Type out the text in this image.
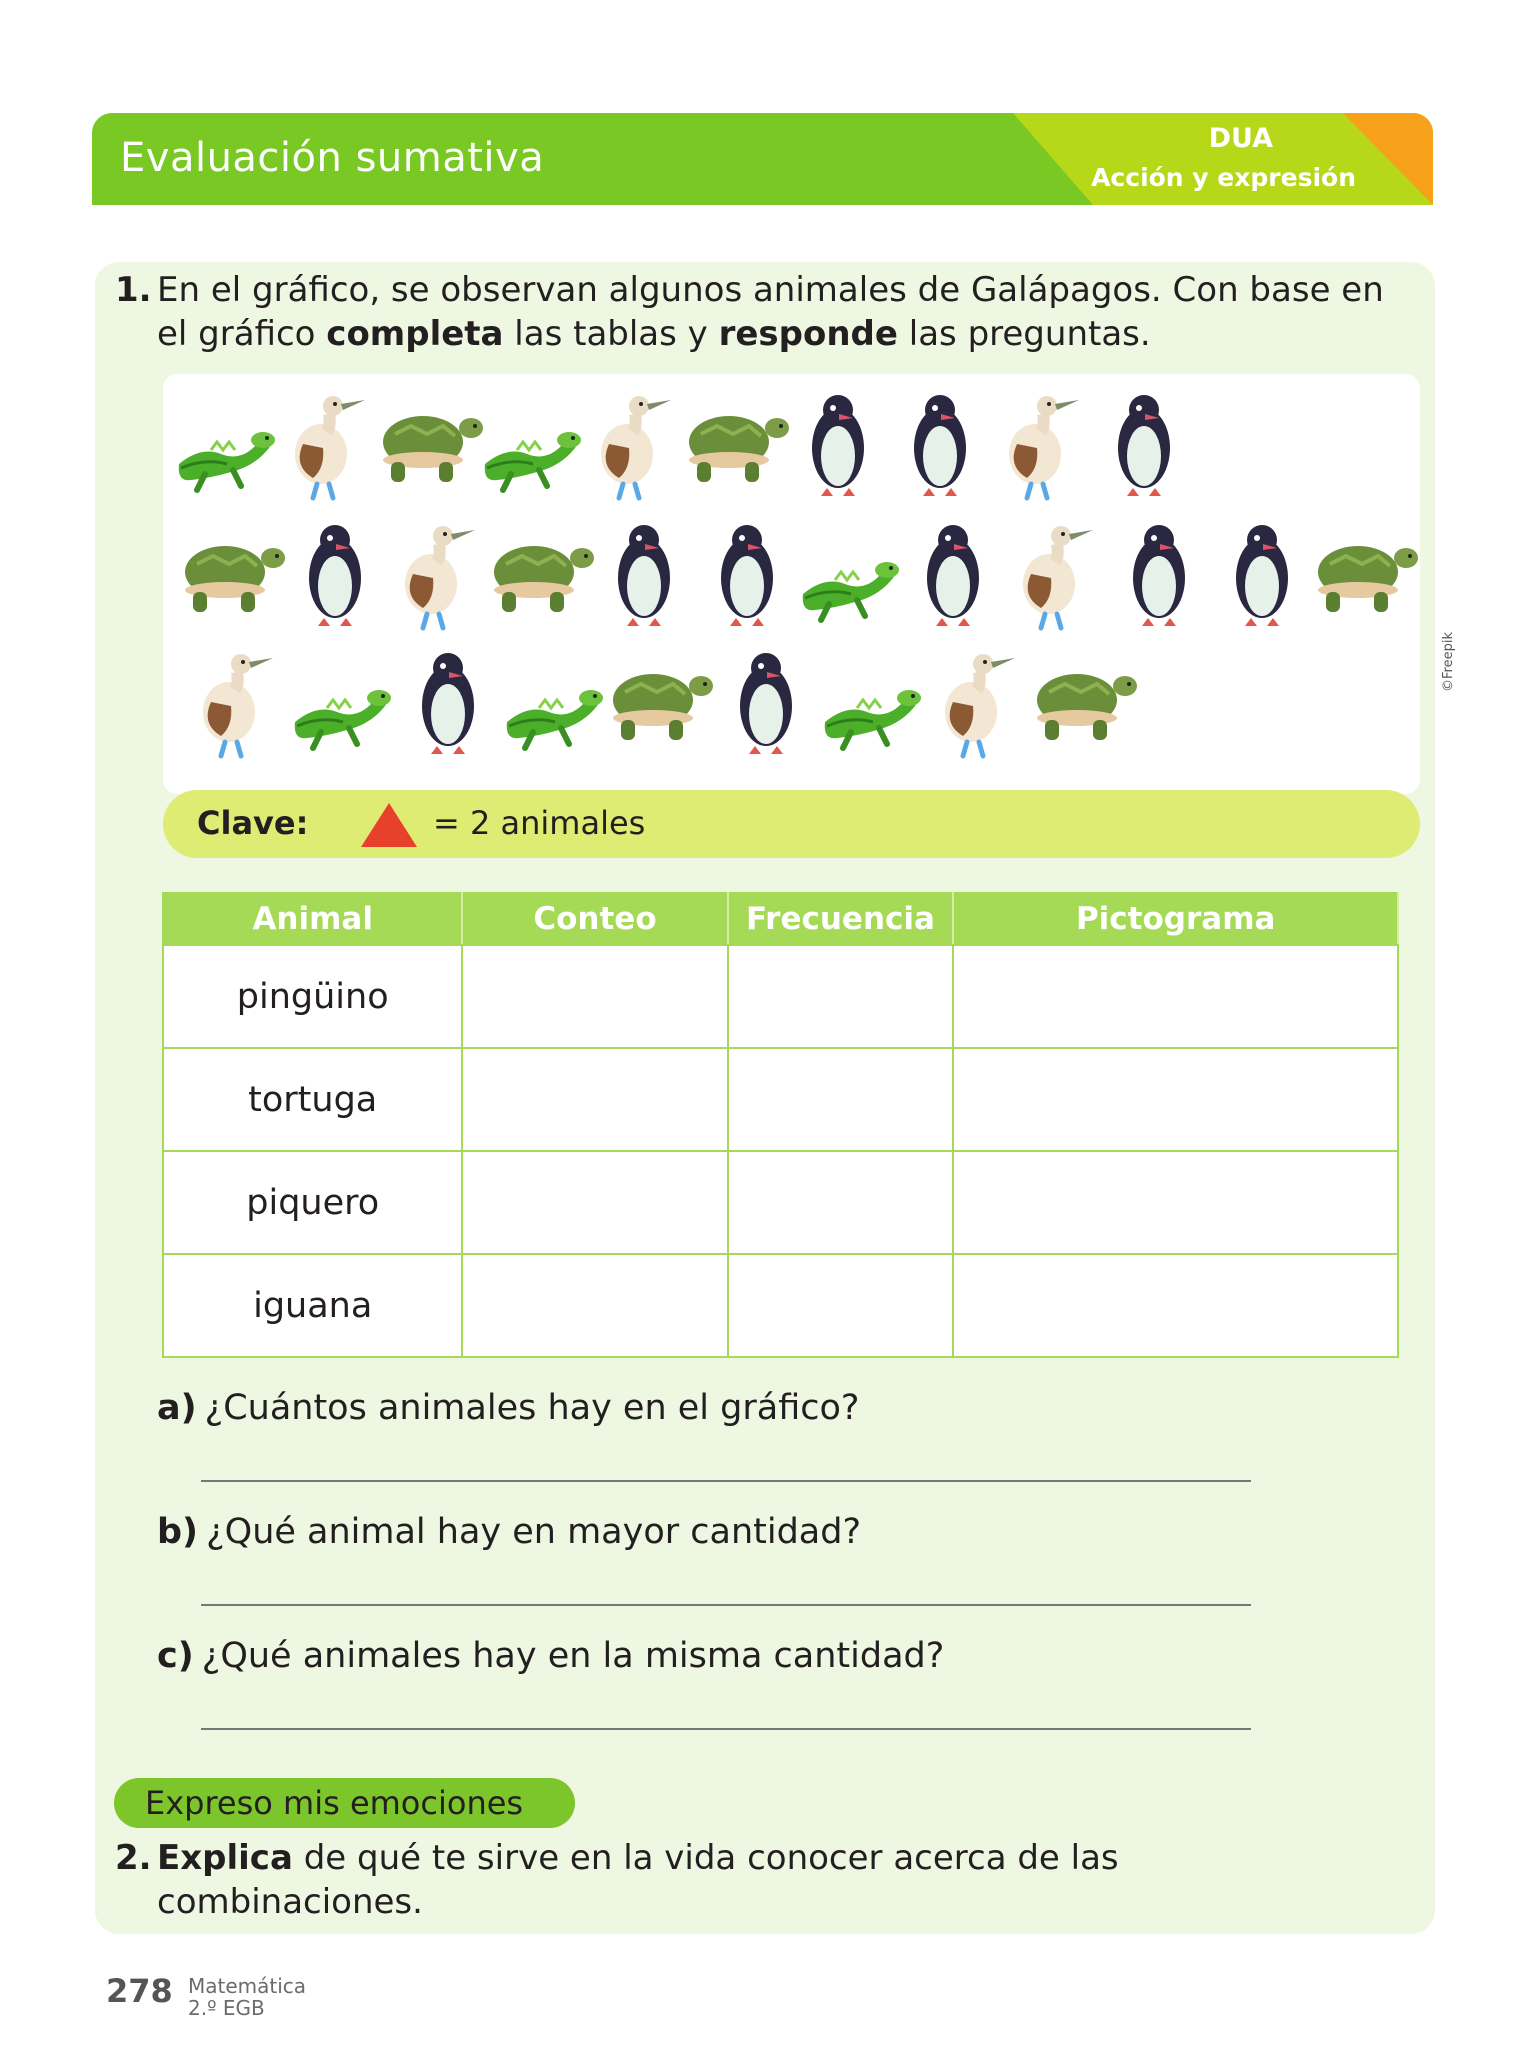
Evaluación sumativa	DUA
Acción y expresión
1. En el gráfico, se observan algunos animales de Galápagos. Con base en el gráfico completa las tablas y responde las preguntas.
©Freepik
Clave:	= 2 animales
Animal	Conteo	Frecuencia	Pictograma
pingüino			
tortuga			
piquero			
iguana			
a) ¿Cuántos animales hay en el gráfico?
b) ¿Qué animal hay en mayor cantidad?
c) ¿Qué animales hay en la misma cantidad?
Expreso mis emociones
2. Explica de qué te sirve en la vida conocer acerca de las combinaciones.
278 Matemática
2.º EGB
